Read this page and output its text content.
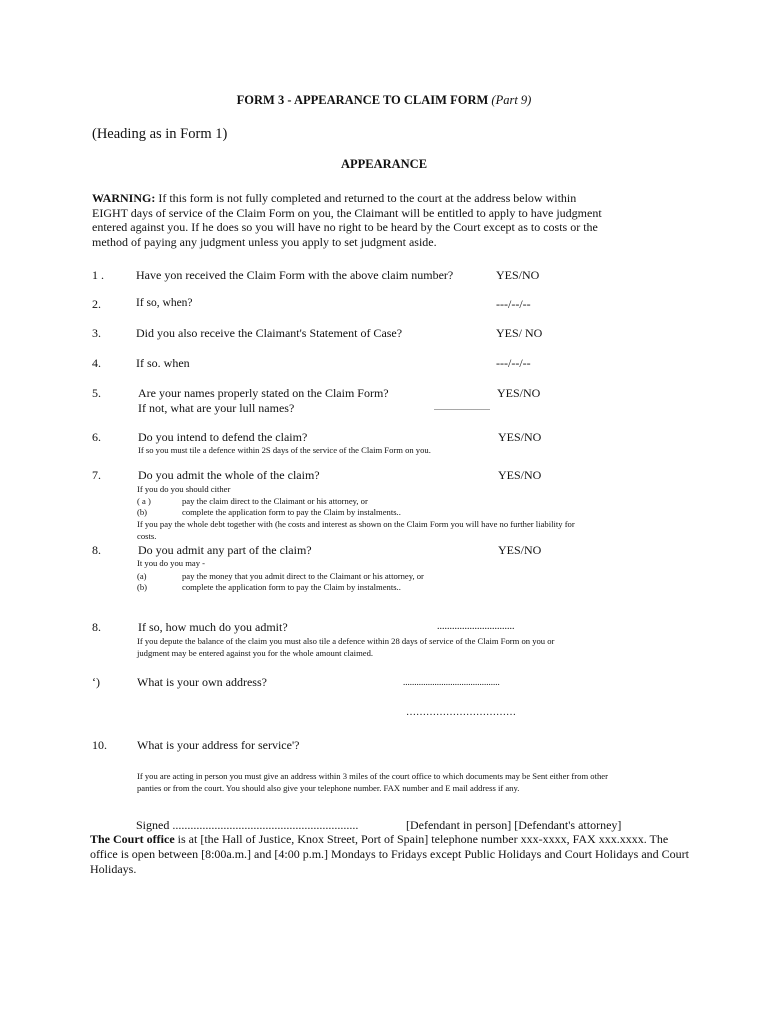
FORM 3 - APPEARANCE TO CLAIM FORM (Part 9)
(Heading as in Form 1)
APPEARANCE
WARNING: If this form is not fully completed and returned to the court at the address below within EIGHT days of service of the Claim Form on you, the Claimant will be entitled to apply to have judgment entered against you. If he does so you will have no right to be heard by the Court except as to costs or the method of paying any judgment unless you apply to set judgment aside.
1 .	Have yon received the Claim Form with the above claim number?	YES/NO
2.	If so, when?	---/--/--
3.	Did you also receive the Claimant's Statement of Case?	YES/ NO
4.	If so. when	---/--/--
5.	Are your names properly stated on the Claim Form?	YES/NO
If not, what are your lull names?	............................
6.	Do you intend to defend the claim?	YES/NO
If so you must tile a defence within 2S days of the service of the Claim Form on you.
7.	Do you admit the whole of the claim?	YES/NO
If you do you should cither
( a )	pay the claim direct to the Claimant or his attorney, or
(b)	complete the application form to pay the Claim by instalments..
If you pay the whole debt together with (he costs and interest as shown on the Claim Form you will have no further liability for
costs.
8.	Do you admit any part of the claim?	YES/NO
It you do you may -
(a)	pay the money that you admit direct to the Claimant or his attorney, or
(b)	complete the application form to pay the Claim by instalments..
8.	If so, how much do you admit?	...............................
If you depute the balance of the claim you must also tile a defence within 28 days of service of the Claim Form on you or
judgment may be entered against you for the whole amount claimed.
‘)	What is your own address?	...........................................
……………………………
10.	What is your address for service'?
If you are acting in person you must give an address within 3 miles of the court office to which documents may be Sent either from other
panties or from the court. You should also give your telephone number. FAX number and E mail address if any.
Signed ..............................................................	[Defendant in person] [Defendant's attorney]
The Court office is at [the Hall of Justice, Knox Street, Port of Spain] telephone number xxx-xxxx, FAX xxx.xxxx. The office is open between [8:00a.m.] and [4:00 p.m.] Mondays to Fridays except Public Holidays and Court Holidays and Court Holidays.
